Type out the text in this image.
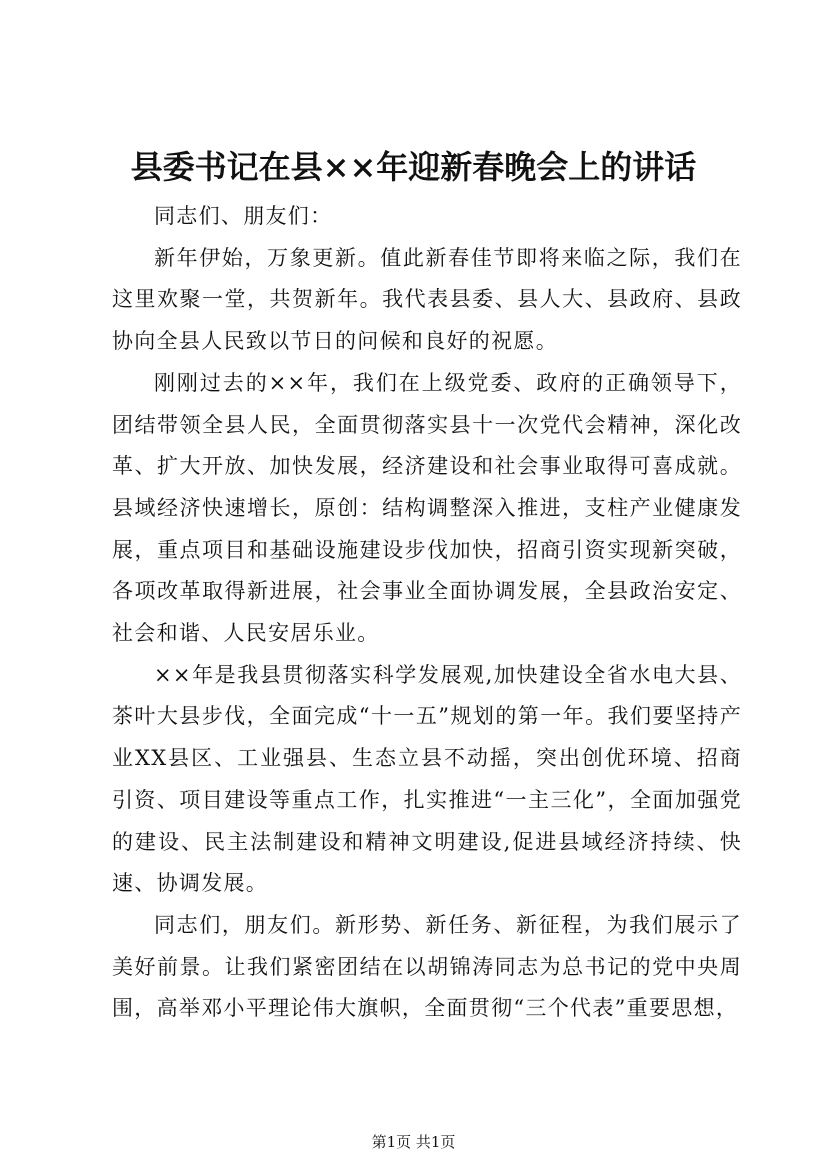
县委书记在县××年迎新春晚会上的讲话

同志们、朋友们：

新年伊始，万象更新。值此新春佳节即将来临之际，我们在这里欢聚一堂，共贺新年。我代表县委、县人大、县政府、县政协向全县人民致以节日的问候和良好的祝愿。

刚刚过去的××年，我们在上级党委、政府的正确领导下，团结带领全县人民，全面贯彻落实县十一次党代会精神，深化改革、扩大开放、加快发展，经济建设和社会事业取得可喜成就。县域经济快速增长，原创：结构调整深入推进，支柱产业健康发展，重点项目和基础设施建设步伐加快，招商引资实现新突破，各项改革取得新进展，社会事业全面协调发展，全县政治安定、社会和谐、人民安居乐业。

××年是我县贯彻落实科学发展观,加快建设全省水电大县、茶叶大县步伐，全面完成“十一五”规划的第一年。我们要坚持产业XX县区、工业强县、生态立县不动摇，突出创优环境、招商引资、项目建设等重点工作，扎实推进“一主三化”，全面加强党的建设、民主法制建设和精神文明建设,促进县域经济持续、快速、协调发展。

同志们，朋友们。新形势、新任务、新征程，为我们展示了美好前景。让我们紧密团结在以胡锦涛同志为总书记的党中央周围，高举邓小平理论伟大旗帜，全面贯彻“三个代表”重要思想，

第1页 共1页
